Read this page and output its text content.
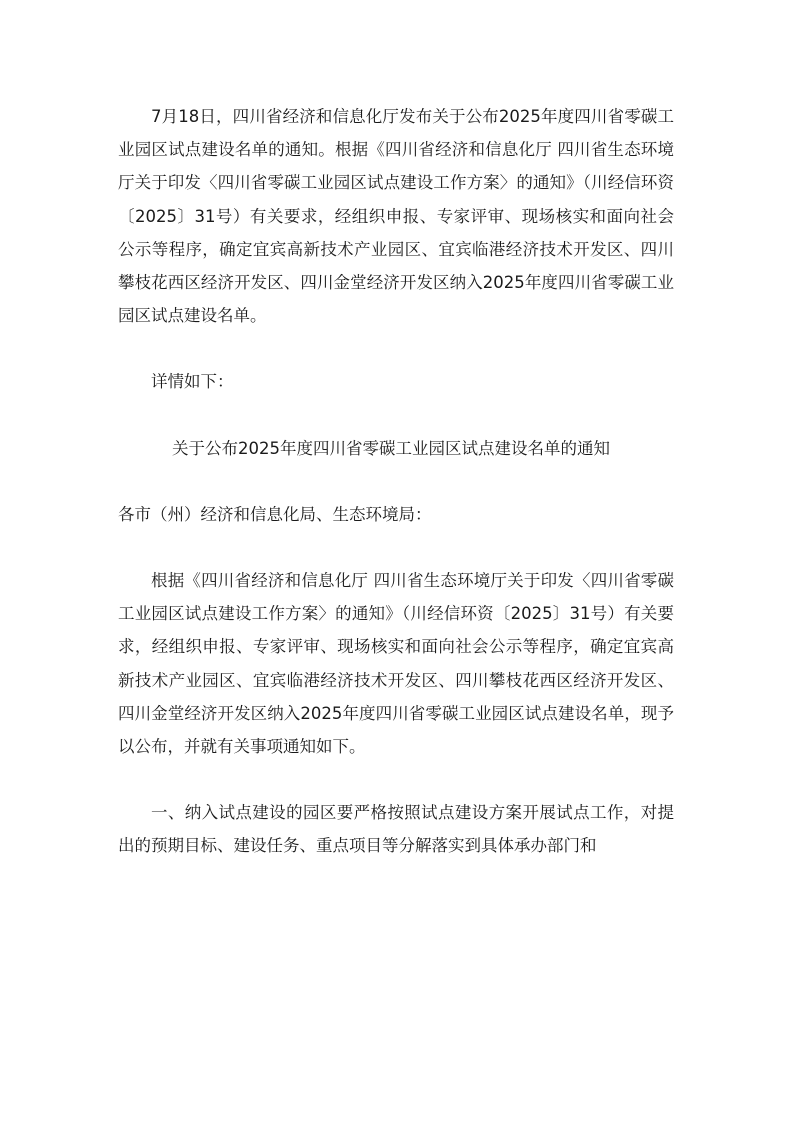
7月18日，四川省经济和信息化厅发布关于公布2025年度四川省零碳工业园区试点建设名单的通知。根据《四川省经济和信息化厅 四川省生态环境厅关于印发〈四川省零碳工业园区试点建设工作方案〉的通知》（川经信环资〔2025〕31号）有关要求，经组织申报、专家评审、现场核实和面向社会公示等程序，确定宜宾高新技术产业园区、宜宾临港经济技术开发区、四川攀枝花西区经济开发区、四川金堂经济开发区纳入2025年度四川省零碳工业园区试点建设名单。

详情如下：

关于公布2025年度四川省零碳工业园区试点建设名单的通知

各市（州）经济和信息化局、生态环境局：

根据《四川省经济和信息化厅 四川省生态环境厅关于印发〈四川省零碳工业园区试点建设工作方案〉的通知》（川经信环资〔2025〕31号）有关要求，经组织申报、专家评审、现场核实和面向社会公示等程序，确定宜宾高新技术产业园区、宜宾临港经济技术开发区、四川攀枝花西区经济开发区、四川金堂经济开发区纳入2025年度四川省零碳工业园区试点建设名单，现予以公布，并就有关事项通知如下。

一、纳入试点建设的园区要严格按照试点建设方案开展试点工作，对提出的预期目标、建设任务、重点项目等分解落实到具体承办部门和
